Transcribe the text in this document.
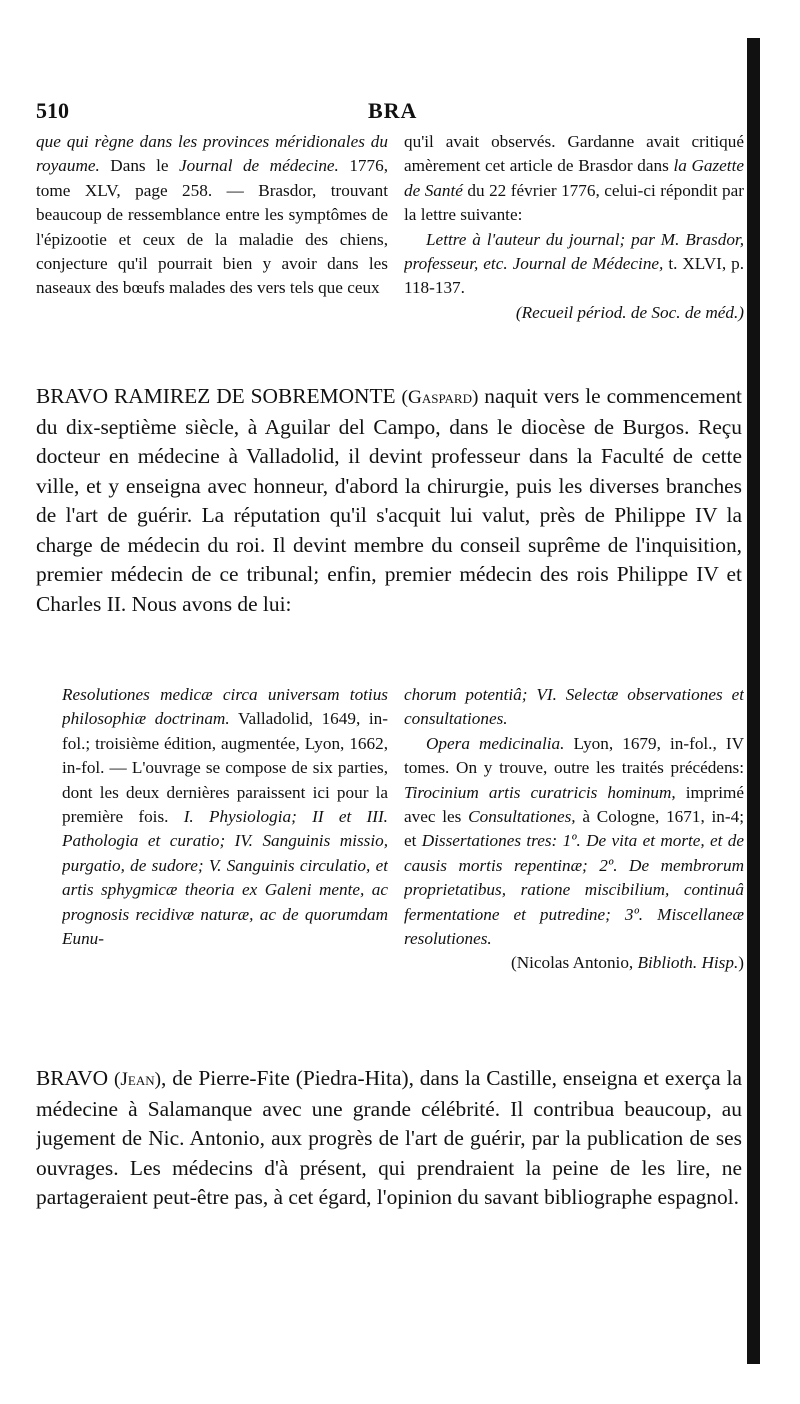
510	BRA
que qui règne dans les provinces méridionales du royaume. Dans le Journal de médecine. 1776, tome XLV, page 258. — Brasdor, trouvant beaucoup de ressemblance entre les symptômes de l'épizootie et ceux de la maladie des chiens, conjecture qu'il pourrait bien y avoir dans les naseaux des bœufs malades des vers tels que ceux
qu'il avait observés. Gardanne avait critiqué amèrement cet article de Brasdor dans la Gazette de Santé du 22 février 1776, celui-ci répondit par la lettre suivante:
Lettre à l'auteur du journal; par M. Brasdor, professeur, etc. Journal de Médecine, t. XLVI, p. 118-137.
(Recueil périod. de Soc. de méd.)
BRAVO RAMIREZ DE SOBREMONTE (Gaspard) naquit vers le commencement du dix-septième siècle, à Aguilar del Campo, dans le diocèse de Burgos. Reçu docteur en médecine à Valladolid, il devint professeur dans la Faculté de cette ville, et y enseigna avec honneur, d'abord la chirurgie, puis les diverses branches de l'art de guérir. La réputation qu'il s'acquit lui valut, près de Philippe IV la charge de médecin du roi. Il devint membre du conseil suprême de l'inquisition, premier médecin de ce tribunal; enfin, premier médecin des rois Philippe IV et Charles II. Nous avons de lui:
Resolutiones medicæ circa universam totius philosophiæ doctrinam. Valladolid, 1649, in-fol.; troisième édition, augmentée, Lyon, 1662, in-fol. — L'ouvrage se compose de six parties, dont les deux dernières paraissent ici pour la première fois. I. Physiologia; II et III. Pathologia et curatio; IV. Sanguinis missio, purgatio, de sudore; V. Sanguinis circulatio, et artis sphygmicæ theoria ex Galeni mente, ac prognosis recidivæ naturæ, ac de quorumdam Eunu-
chorum potentiâ; VI. Selectæ observationes et consultationes.
Opera medicinalia. Lyon, 1679, in-fol., IV tomes. On y trouve, outre les traités précédens: Tirocinium artis curatricis hominum, imprimé avec les Consultationes, à Cologne, 1671, in-4; et Dissertationes tres: 1º. De vita et morte, et de causis mortis repentinæ; 2º. De membrorum proprietatibus, ratione miscibilium, continuâ fermentatione et putredine; 3º. Miscellaneæ resolutiones.
(Nicolas Antonio, Biblioth. Hisp.)
BRAVO (Jean), de Pierre-Fite (Piedra-Hita), dans la Castille, enseigna et exerça la médecine à Salamanque avec une grande célébrité. Il contribua beaucoup, au jugement de Nic. Antonio, aux progrès de l'art de guérir, par la publication de ses ouvrages. Les médecins d'à présent, qui prendraient la peine de les lire, ne partageraient peut-être pas, à cet égard, l'opinion du savant bibliographe espagnol.
